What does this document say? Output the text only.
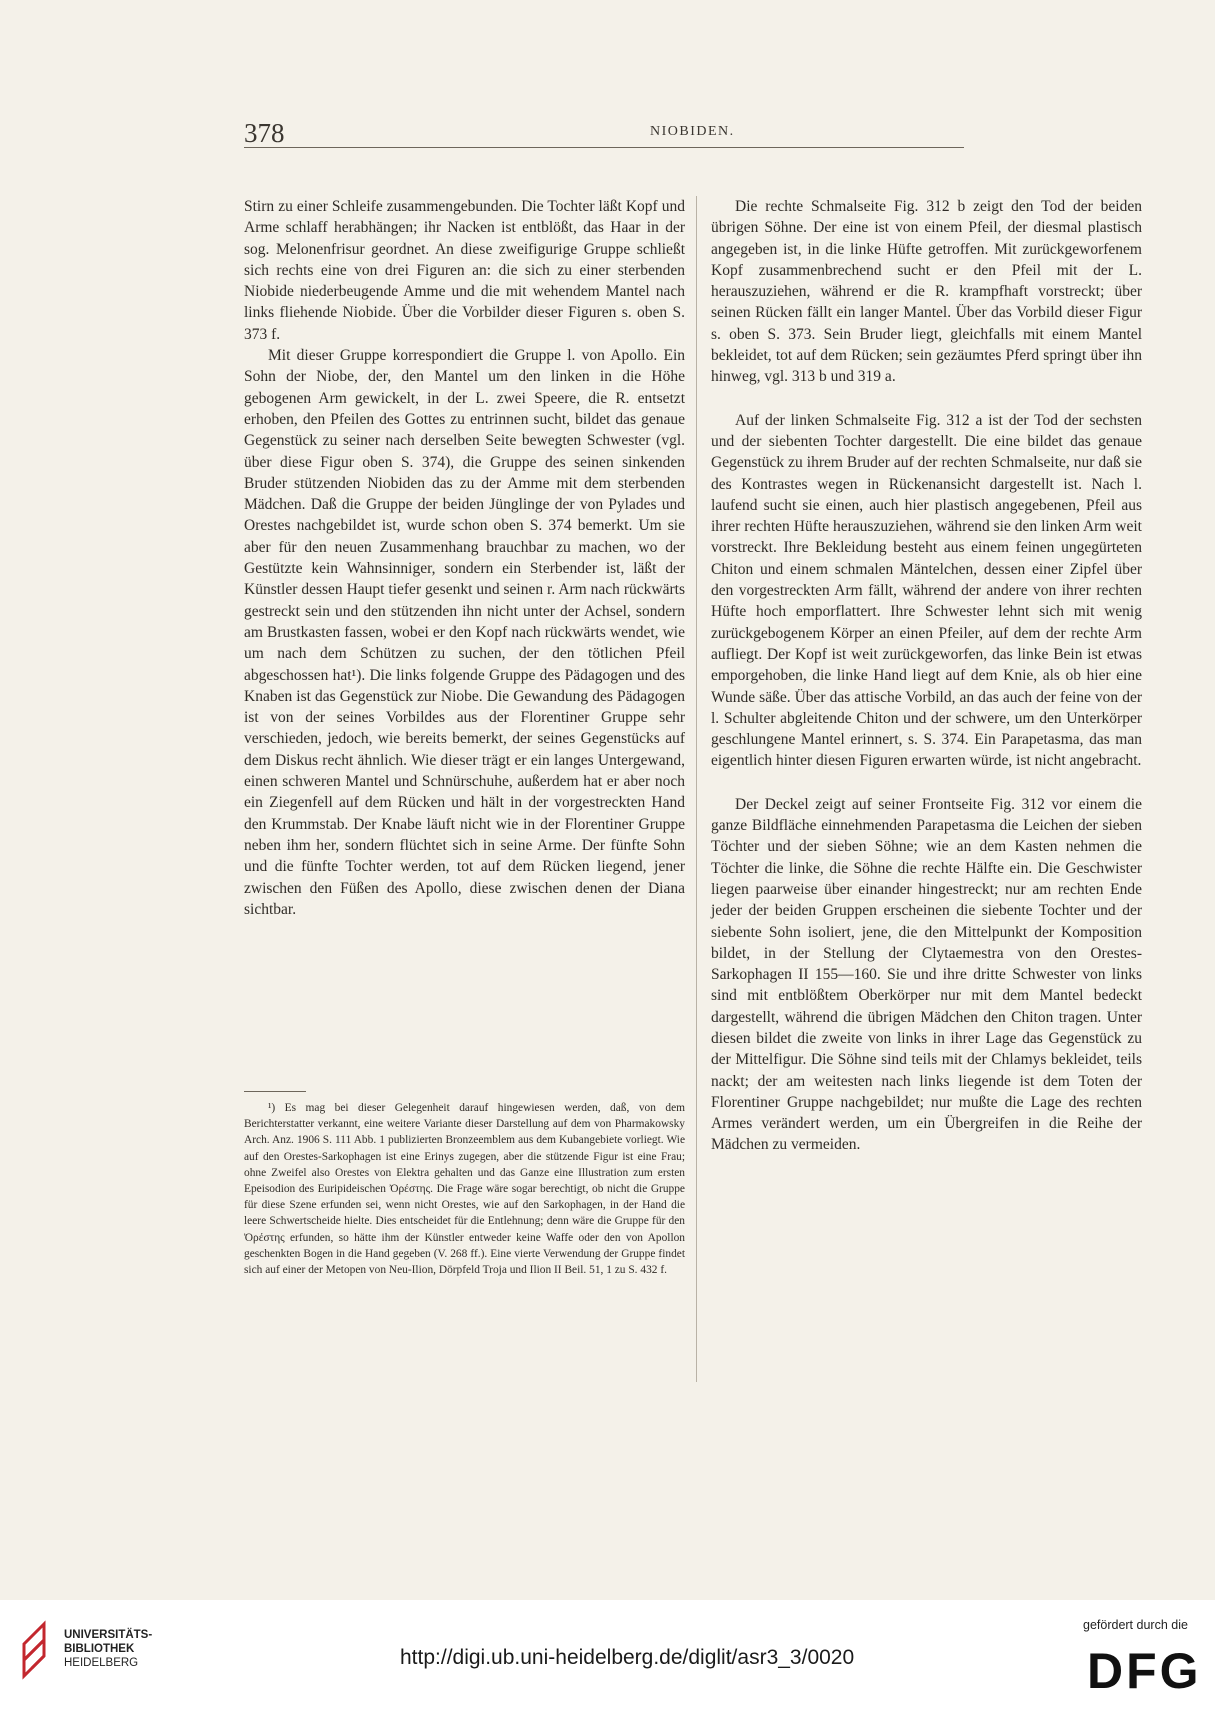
378	NIOBIDEN.

Stirn zu einer Schleife zusammengebunden. Die Tochter läßt Kopf und Arme schlaff herabhängen; ihr Nacken ist entblößt, das Haar in der sog. Melonenfrisur geordnet. An diese zweifigurige Gruppe schließt sich rechts eine von drei Figuren an: die sich zu einer sterbenden Niobide niederbeugende Amme und die mit wehendem Mantel nach links fliehende Niobide. Über die Vorbilder dieser Figuren s. oben S. 373 f.

Mit dieser Gruppe korrespondiert die Gruppe l. von Apollo. Ein Sohn der Niobe, der, den Mantel um den linken in die Höhe gebogenen Arm gewickelt, in der L. zwei Speere, die R. entsetzt erhoben, den Pfeilen des Gottes zu entrinnen sucht, bildet das genaue Gegenstück zu seiner nach derselben Seite bewegten Schwester (vgl. über diese Figur oben S. 374), die Gruppe des seinen sinkenden Bruder stützenden Niobiden das zu der Amme mit dem sterbenden Mädchen. Daß die Gruppe der beiden Jünglinge der von Pylades und Orestes nachgebildet ist, wurde schon oben S. 374 bemerkt. Um sie aber für den neuen Zusammenhang brauchbar zu machen, wo der Gestützte kein Wahnsinniger, sondern ein Sterbender ist, läßt der Künstler dessen Haupt tiefer gesenkt und seinen r. Arm nach rückwärts gestreckt sein und den stützenden ihn nicht unter der Achsel, sondern am Brustkasten fassen, wobei er den Kopf nach rückwärts wendet, wie um nach dem Schützen zu suchen, der den tötlichen Pfeil abgeschossen hat¹). Die links folgende Gruppe des Pädagogen und des Knaben ist das Gegenstück zur Niobe. Die Gewandung des Pädagogen ist von der seines Vorbildes aus der Florentiner Gruppe sehr verschieden, jedoch, wie bereits bemerkt, der seines Gegenstücks auf dem Diskus recht ähnlich. Wie dieser trägt er ein langes Untergewand, einen schweren Mantel und Schnürschuhe, außerdem hat er aber noch ein Ziegenfell auf dem Rücken und hält in der vorgestreckten Hand den Krummstab. Der Knabe läuft nicht wie in der Florentiner Gruppe neben ihm her, sondern flüchtet sich in seine Arme. Der fünfte Sohn und die fünfte Tochter werden, tot auf dem Rücken liegend, jener zwischen den Füßen des Apollo, diese zwischen denen der Diana sichtbar.

¹) Es mag bei dieser Gelegenheit darauf hingewiesen werden, daß, von dem Berichterstatter verkannt, eine weitere Variante dieser Darstellung auf dem von Pharmakowsky Arch. Anz. 1906 S. 111 Abb. 1 publizierten Bronzeemblem aus dem Kubangebiete vorliegt. Wie auf den Orestes-Sarkophagen ist eine Erinys zugegen, aber die stützende Figur ist eine Frau; ohne Zweifel also Orestes von Elektra gehalten und das Ganze eine Illustration zum ersten Epeisodion des Euripideischen Ὀρέστης. Die Frage wäre sogar berechtigt, ob nicht die Gruppe für diese Szene erfunden sei, wenn nicht Orestes, wie auf den Sarkophagen, in der Hand die leere Schwertscheide hielte. Dies entscheidet für die Entlehnung; denn wäre die Gruppe für den Ὀρέστης erfunden, so hätte ihm der Künstler entweder keine Waffe oder den von Apollon geschenkten Bogen in die Hand gegeben (V. 268 ff.). Eine vierte Verwendung der Gruppe findet sich auf einer der Metopen von Neu-Ilion, Dörpfeld Troja und Ilion II Beil. 51, 1 zu S. 432 f.

Die rechte Schmalseite Fig. 312 b zeigt den Tod der beiden übrigen Söhne. Der eine ist von einem Pfeil, der diesmal plastisch angegeben ist, in die linke Hüfte getroffen. Mit zurückgeworfenem Kopf zusammenbrechend sucht er den Pfeil mit der L. herauszuziehen, während er die R. krampfhaft vorstreckt; über seinen Rücken fällt ein langer Mantel. Über das Vorbild dieser Figur s. oben S. 373. Sein Bruder liegt, gleichfalls mit einem Mantel bekleidet, tot auf dem Rücken; sein gezäumtes Pferd springt über ihn hinweg, vgl. 313 b und 319 a.

Auf der linken Schmalseite Fig. 312 a ist der Tod der sechsten und der siebenten Tochter dargestellt. Die eine bildet das genaue Gegenstück zu ihrem Bruder auf der rechten Schmalseite, nur daß sie des Kontrastes wegen in Rückenansicht dargestellt ist. Nach l. laufend sucht sie einen, auch hier plastisch angegebenen, Pfeil aus ihrer rechten Hüfte herauszuziehen, während sie den linken Arm weit vorstreckt. Ihre Bekleidung besteht aus einem feinen ungegürteten Chiton und einem schmalen Mäntelchen, dessen einer Zipfel über den vorgestreckten Arm fällt, während der andere von ihrer rechten Hüfte hoch emporflattert. Ihre Schwester lehnt sich mit wenig zurückgebogenem Körper an einen Pfeiler, auf dem der rechte Arm aufliegt. Der Kopf ist weit zurückgeworfen, das linke Bein ist etwas emporgehoben, die linke Hand liegt auf dem Knie, als ob hier eine Wunde säße. Über das attische Vorbild, an das auch der feine von der l. Schulter abgleitende Chiton und der schwere, um den Unterkörper geschlungene Mantel erinnert, s. S. 374. Ein Parapetasma, das man eigentlich hinter diesen Figuren erwarten würde, ist nicht angebracht.

Der Deckel zeigt auf seiner Frontseite Fig. 312 vor einem die ganze Bildfläche einnehmenden Parapetasma die Leichen der sieben Töchter und der sieben Söhne; wie an dem Kasten nehmen die Töchter die linke, die Söhne die rechte Hälfte ein. Die Geschwister liegen paarweise über einander hingestreckt; nur am rechten Ende jeder der beiden Gruppen erscheinen die siebente Tochter und der siebente Sohn isoliert, jene, die den Mittelpunkt der Komposition bildet, in der Stellung der Clytaemestra von den Orestes-Sarkophagen II 155—160. Sie und ihre dritte Schwester von links sind mit entblößtem Oberkörper nur mit dem Mantel bedeckt dargestellt, während die übrigen Mädchen den Chiton tragen. Unter diesen bildet die zweite von links in ihrer Lage das Gegenstück zu der Mittelfigur. Die Söhne sind teils mit der Chlamys bekleidet, teils nackt; der am weitesten nach links liegende ist dem Toten der Florentiner Gruppe nachgebildet; nur mußte die Lage des rechten Armes verändert werden, um ein Übergreifen in die Reihe der Mädchen zu vermeiden.

UNIVERSITÄTS-
BIBLIOTHEK
HEIDELBERG	http://digi.ub.uni-heidelberg.de/diglit/asr3_3/0020
gefördert durch die
DFG
